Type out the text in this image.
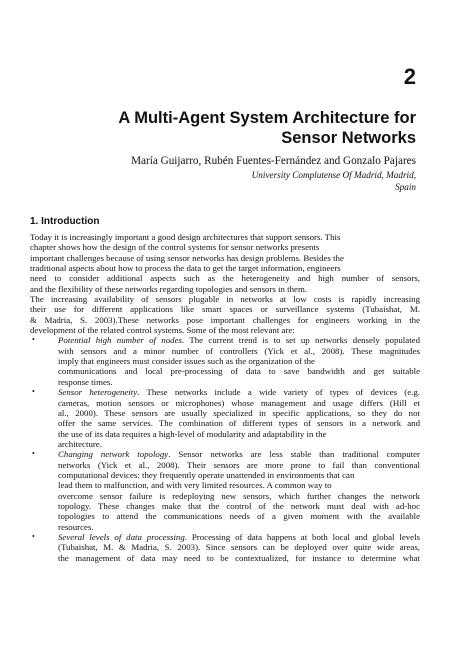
2
A Multi-Agent System Architecture for
Sensor Networks
María Guijarro, Rubén Fuentes-Fernández and Gonzalo Pajares
University Complutense Of Madrid, Madrid,
Spain
1. Introduction
Today it is increasingly important a good design architectures that support sensors. This
chapter shows how the design of the control systems for sensor networks presents
important challenges because of using sensor networks has design problems. Besides the
traditional aspects about how to process the data to get the target information, engineers
need to consider additional aspects such as the heterogeneity and high number of sensors,
and the flexibility of these networks regarding topologies and sensors in them.
The increasing availability of sensors plugable in networks at low costs is rapidly increasing
their use for different applications like smart spaces or surveillance systems (Tubaishat, M.
& Madria, S. 2003).These networks pose important challenges for engineers working in the
development of the related control systems. Some of the most relevant are:
•	Potential high number of nodes. The current trend is to set up networks densely populated
with sensors and a minor number of controllers (Yick et al., 2008). These magnitudes
imply that engineers must consider issues such as the organization of the
communications and local pre-processing of data to save bandwidth and get suitable
response times.
•	Sensor heterogeneity. These networks include a wide variety of types of devices (e.g.
cameras, motion sensors or microphones) whose management and usage differs (Hill et
al., 2000). These sensors are usually specialized in specific applications, so they do not
offer the same services. The combination of different types of sensors in a network and
the use of its data requires a high-level of modularity and adaptability in the
architecture.
•	Changing network topology. Sensor networks are less stable than traditional computer
networks (Yick et al., 2008). Their sensors are more prone to fail than conventional
computational devices: they frequently operate unattended in environments that can
lead them to malfunction, and with very limited resources. A common way to
overcome sensor failure is redeploying new sensors, which further changes the network
topology. These changes make that the control of the network must deal with ad-hoc
topologies to attend the communications needs of a given moment with the available
resources.
•	Several levels of data processing. Processing of data happens at both local and global levels
(Tubaishat, M. & Madria, S. 2003). Since sensors can be deployed over quite wide areas,
the management of data may need to be contextualized, for instance to determine what
